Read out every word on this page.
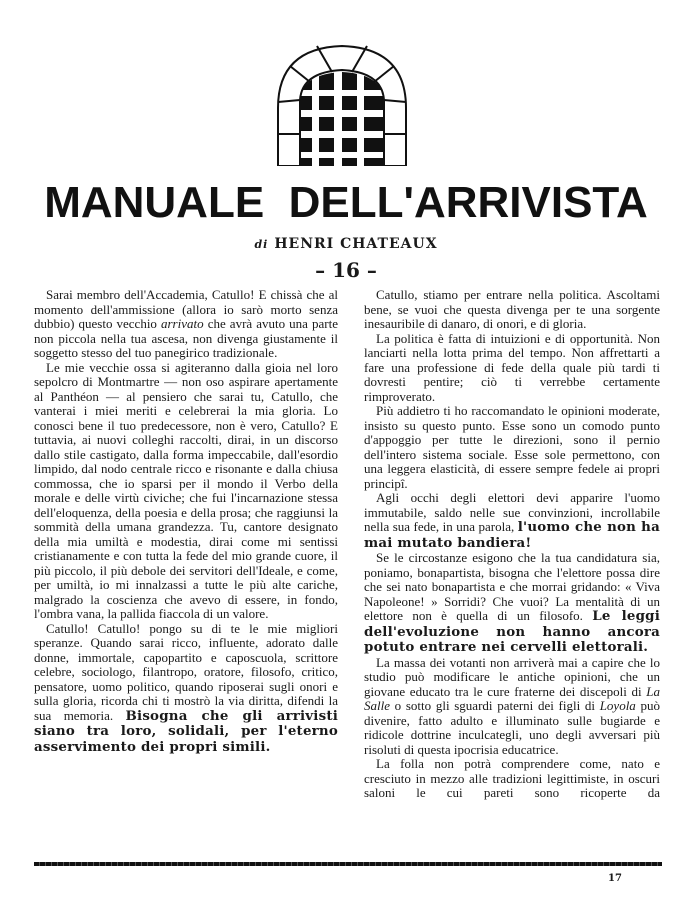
MANUALE  DELL'ARRIVISTA
di HENRI CHATEAUX
– 16 –

Sarai membro dell'Accademia, Catullo! E chissà che al momento dell'ammissione (allora io sarò morto senza dubbio) questo vecchio arrivato che avrà avuto una parte non piccola nella tua ascesa, non divenga giustamente il soggetto stesso del tuo panegirico tradizionale.

Le mie vecchie ossa si agiteranno dalla gioia nel loro sepolcro di Montmartre — non oso aspirare apertamente al Panthéon — al pensiero che sarai tu, Catullo, che vanterai i miei meriti e celebrerai la mia gloria. Lo conosci bene il tuo predecessore, non è vero, Catullo? E tuttavia, ai nuovi colleghi raccolti, dirai, in un discorso dallo stile castigato, dalla forma impeccabile, dall'esordio limpido, dal nodo centrale ricco e risonante e dalla chiusa commossa, che io sparsi per il mondo il Verbo della morale e delle virtù civiche; che fui l'incarnazione stessa dell'eloquenza, della poesia e della prosa; che raggiunsi la sommità della umana grandezza. Tu, cantore designato della mia umiltà e modestia, dirai come mi sentissi cristianamente e con tutta la fede del mio grande cuore, il più piccolo, il più debole dei servitori dell'Ideale, e come, per umiltà, io mi innalzassi a tutte le più alte cariche, malgrado la coscienza che avevo di essere, in fondo, l'ombra vana, la pallida fiaccola di un valore.

Catullo! Catullo! pongo su di te le mie migliori speranze. Quando sarai ricco, influente, adorato dalle donne, immortale, capopartito e caposcuola, scrittore celebre, sociologo, filantropo, oratore, filosofo, critico, pensatore, uomo politico, quando riposerai sugli onori e sulla gloria, ricorda chi ti mostrò la via diritta, difendi la sua memoria. Bisogna che gli arrivisti siano tra loro, solidali, per l'eterno asservimento dei propri simili.

Catullo, stiamo per entrare nella politica. Ascoltami bene, se vuoi che questa divenga per te una sorgente inesauribile di danaro, di onori, e di gloria.

La politica è fatta di intuizioni e di opportunità. Non lanciarti nella lotta prima del tempo. Non affrettarti a fare una professione di fede della quale più tardi ti dovresti pentire; ciò ti verrebbe certamente rimproverato.

Più addietro ti ho raccomandato le opinioni moderate, insisto su questo punto. Esse sono un comodo punto d'appoggio per tutte le direzioni, sono il pernio dell'intero sistema sociale. Esse sole permettono, con una leggera elasticità, di essere sempre fedele ai propri principî.

Agli occhi degli elettori devi apparire l'uomo immutabile, saldo nelle sue convinzioni, incrollabile nella sua fede, in una parola, l'uomo che non ha mai mutato bandiera!

Se le circostanze esigono che la tua candidatura sia, poniamo, bonapartista, bisogna che l'elettore possa dire che sei nato bonapartista e che morrai gridando: « Viva Napoleone! » Sorridi? Che vuoi? La mentalità di un elettore non è quella di un filosofo. Le leggi dell'evoluzione non hanno ancora potuto entrare nei cervelli elettorali.

La massa dei votanti non arriverà mai a capire che lo studio può modificare le antiche opinioni, che un giovane educato tra le cure fraterne dei discepoli di La Salle o sotto gli sguardi paterni dei figli di Loyola può divenire, fatto adulto e illuminato sulle bugiarde e ridicole dottrine inculcategli, uno degli avversari più risoluti di questa ipocrisia educatrice.

La folla non potrà comprendere come, nato e cresciuto in mezzo alle tradizioni legittimiste, in oscuri saloni le cui pareti sono ricoperte da

17
